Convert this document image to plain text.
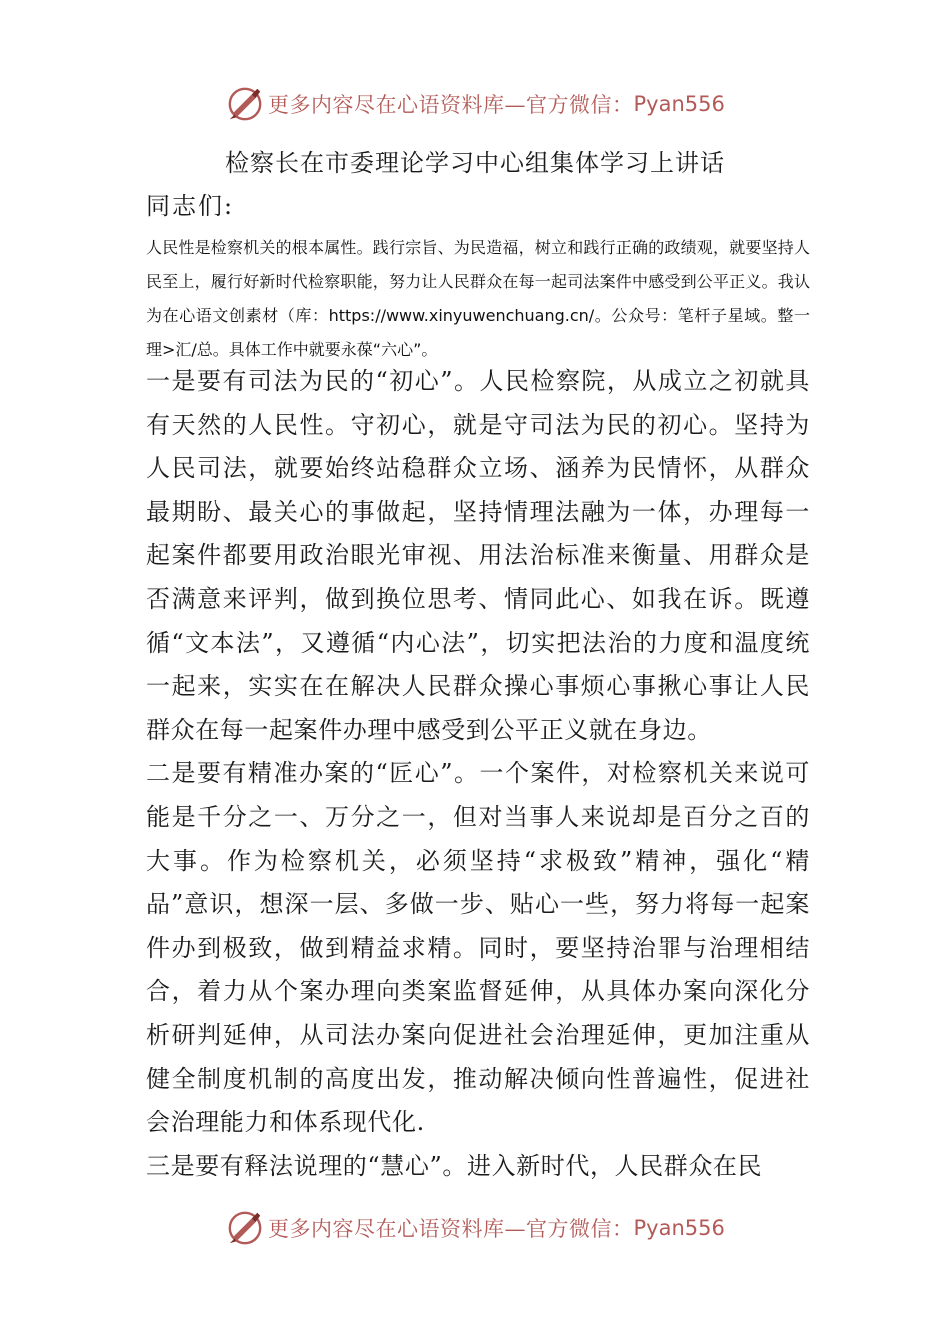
更多内容尽在心语资料库—官方微信： Pyan556
检察长在市委理论学习中心组集体学习上讲话
同志们:
人民性是检察机关的根本属性。践行宗旨、为民造福，树立和践行正确的政绩观，就要坚持人民至上，履行好新时代检察职能，努力让人民群众在每一起司法案件中感受到公平正义。我认为在心语文创素材（库：https://www.xinyuwenchuang.cn/。公众号：笔杆子星域。整一理>汇/总。具体工作中就要永葆“六心”。

一是要有司法为民的“初心”。人民检察院，从成立之初就具有天然的人民性。守初心，就是守司法为民的初心。坚持为人民司法，就要始终站稳群众立场、涵养为民情怀，从群众最期盼、最关心的事做起，坚持情理法融为一体，办理每一起案件都要用政治眼光审视、用法治标准来衡量、用群众是否满意来评判，做到换位思考、情同此心、如我在诉。既遵循“文本法”，又遵循“内心法”，切实把法治的力度和温度统一起来，实实在在解决人民群众操心事烦心事揪心事让人民群众在每一起案件办理中感受到公平正义就在身边。

二是要有精准办案的“匠心”。一个案件，对检察机关来说可能是千分之一、万分之一，但对当事人来说却是百分之百的大事。作为检察机关，必须坚持“求极致”精神，强化“精品”意识，想深一层、多做一步、贴心一些，努力将每一起案件办到极致，做到精益求精。同时，要坚持治罪与治理相结合，着力从个案办理向类案监督延伸，从具体办案向深化分析研判延伸，从司法办案向促进社会治理延伸，更加注重从健全制度机制的高度出发，推动解决倾向性普遍性，促进社会治理能力和体系现代化.

三是要有释法说理的“慧心”。进入新时代，人民群众在民

更多内容尽在心语资料库—官方微信： Pyan556
